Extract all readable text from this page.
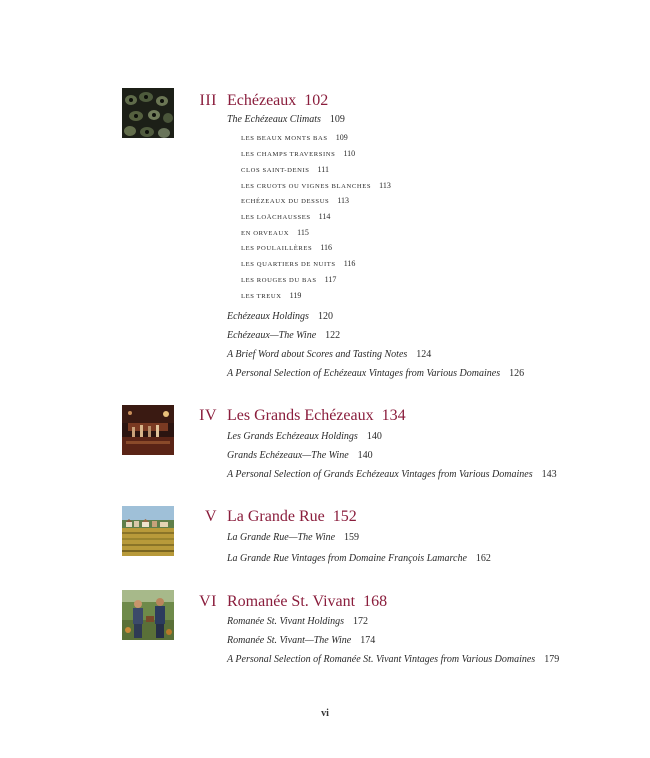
III Echézeaux 102
The Echézeaux Climats 109
LES BEAUX MONTS BAS 109
LES CHAMPS TRAVERSINS 110
CLOS SAINT-DENIS 111
LES CRUOTS OU VIGNES BLANCHES 113
ECHÉZEAUX DU DESSUS 113
LES LOÄCHAUSSES 114
EN ORVEAUX 115
LES POULAILLÈRES 116
LES QUARTIERS DE NUITS 116
LES ROUGES DU BAS 117
LES TREUX 119
Echézeaux Holdings 120
Echézeaux—The Wine 122
A Brief Word about Scores and Tasting Notes 124
A Personal Selection of Echézeaux Vintages from Various Domaines 126
IV Les Grands Echézeaux 134
Les Grands Echézeaux Holdings 140
Grands Echézeaux—The Wine 140
A Personal Selection of Grands Echézeaux Vintages from Various Domaines 143
V La Grande Rue 152
La Grande Rue—The Wine 159
La Grande Rue Vintages from Domaine François Lamarche 162
VI Romanée St. Vivant 168
Romanée St. Vivant Holdings 172
Romanée St. Vivant—The Wine 174
A Personal Selection of Romanée St. Vivant Vintages from Various Domaines 179
vi
